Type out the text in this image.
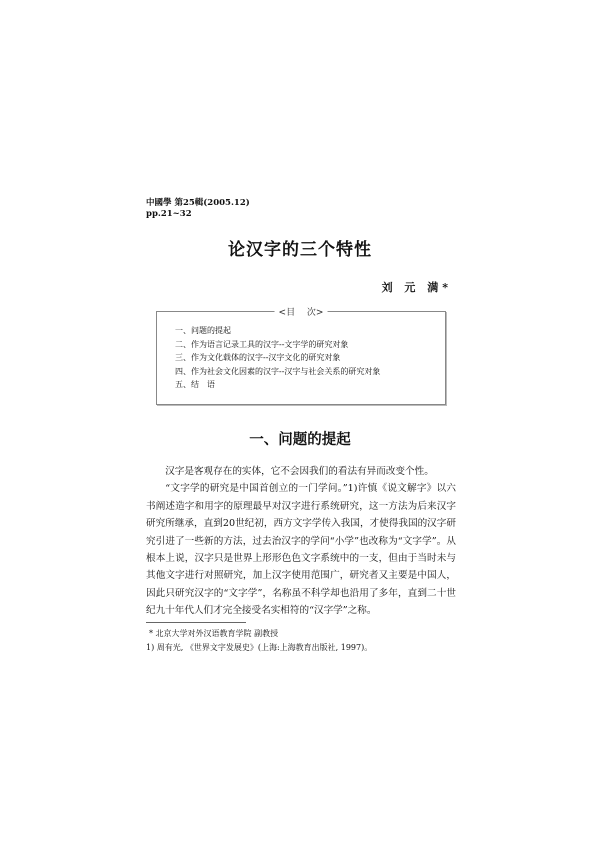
中國學 第25輯(2005.12)
pp.21~32
论汉字的三个特性
刘 元 满*
<目　 次>
一、问题的提起
二、作为语言记录工具的汉字--文字学的研究对象
三、作为文化载体的汉字--汉字文化的研究对象
四、作为社会文化因素的汉字--汉字与社会关系的研究对象
五、结　语
一、问题的提起

汉字是客观存在的实体，它不会因我们的看法有异而改变个性。

“文字学的研究是中国首创立的一门学问。”1)许慎《说文解字》以六书阐述造字和用字的原理最早对汉字进行系统研究，这一方法为后来汉字研究所继承，直到20世纪初，西方文字学传入我国，才使得我国的汉字研究引进了一些新的方法，过去治汉字的学问“小学”也改称为“文字学”。从根本上说，汉字只是世界上形形色色文字系统中的一支，但由于当时未与其他文字进行对照研究，加上汉字使用范围广，研究者又主要是中国人，因此只研究汉字的“文字学”，名称虽不科学却也沿用了多年，直到二十世纪九十年代人们才完全接受名实相符的“汉字学”之称。

* 北京大学对外汉语教育学院 副教授
1) 周有光, 《世界文字发展史》(上海:上海教育出版社, 1997)。
